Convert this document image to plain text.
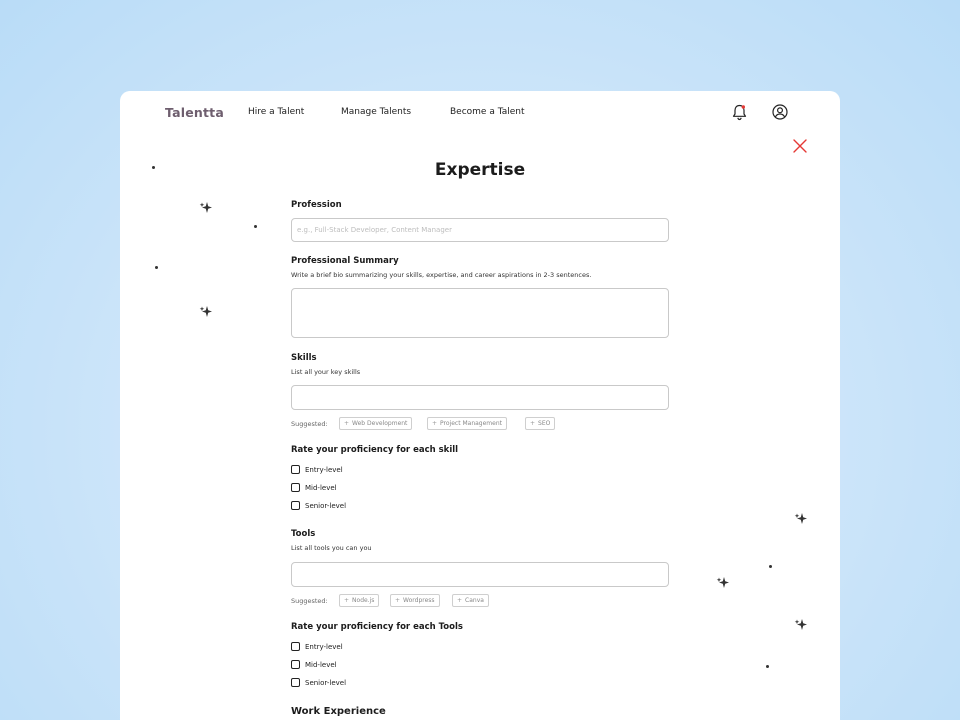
Talentta	Hire a Talent	Manage Talents	Become a Talent
Expertise
Profession
e.g., Full-Stack Developer, Content Manager
Professional Summary
Write a brief bio summarizing your skills, expertise, and career aspirations in 2-3 sentences.
Skills
List all your key skills
Suggested:	+ Web Development	+ Project Management	+ SEO
Rate your proficiency for each skill
Entry-level
Mid-level
Senior-level
Tools
List all tools you can you
Suggested:	+ Node.js	+ Wordpress	+ Canva
Rate your proficiency for each Tools
Entry-level
Mid-level
Senior-level
Work Experience
